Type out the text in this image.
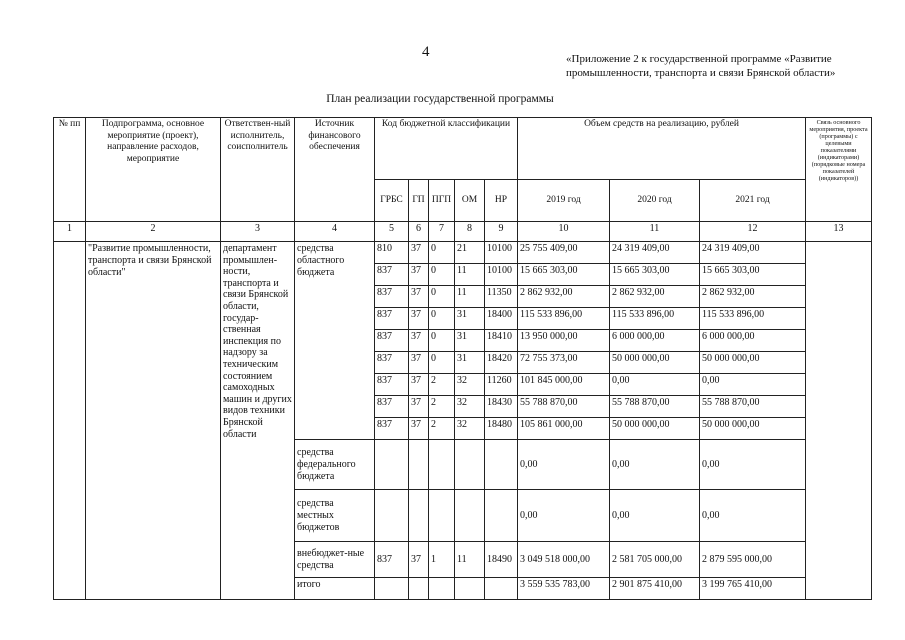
4	«Приложение 2 к государственной программе «Развитие промышленности, транспорта и связи Брянской области»
План реализации государственной программы
№ пп	Подпрограмма, основное мероприятие (проект), направление расходов, мероприятие	Ответствен-ный исполнитель, соисполнитель	Источник финансового обеспечения	Код бюджетной классификации					Объем средств на реализацию, рублей			Связь основного мероприятия, проекта (программы) с целевыми показателями (индикаторами) (порядковые номера показателей (индикаторов))
				ГРБС	ГП	ПГП	ОМ	НР	2019 год	2020 год	2021 год	
1	2	3	4	5	6	7	8	9	10	11	12	13
	"Развитие промышленности, транспорта и связи Брянской области"	департамент промышлен-ности, транспорта и связи Брянской области, государ-ственная инспекция по надзору за техническим состоянием самоходных машин и других видов техники Брянской области	средства областного бюджета	810	37	0	21	10100	25 755 409,00	24 319 409,00	24 319 409,00	
				837	37	0	11	10100	15 665 303,00	15 665 303,00	15 665 303,00	
				837	37	0	11	11350	2 862 932,00	2 862 932,00	2 862 932,00	
				837	37	0	31	18400	115 533 896,00	115 533 896,00	115 533 896,00	
				837	37	0	31	18410	13 950 000,00	6 000 000,00	6 000 000,00	
				837	37	0	31	18420	72 755 373,00	50 000 000,00	50 000 000,00	
				837	37	2	32	11260	101 845 000,00	0,00	0,00	
				837	37	2	32	18430	55 788 870,00	55 788 870,00	55 788 870,00	
				837	37	2	32	18480	105 861 000,00	50 000 000,00	50 000 000,00	
			средства федерального бюджета						0,00	0,00	0,00	
			средства местных бюджетов						0,00	0,00	0,00	
			внебюджет-ные средства	837	37	1	11	18490	3 049 518 000,00	2 581 705 000,00	2 879 595 000,00	
			итого						3 559 535 783,00	2 901 875 410,00	3 199 765 410,00	
